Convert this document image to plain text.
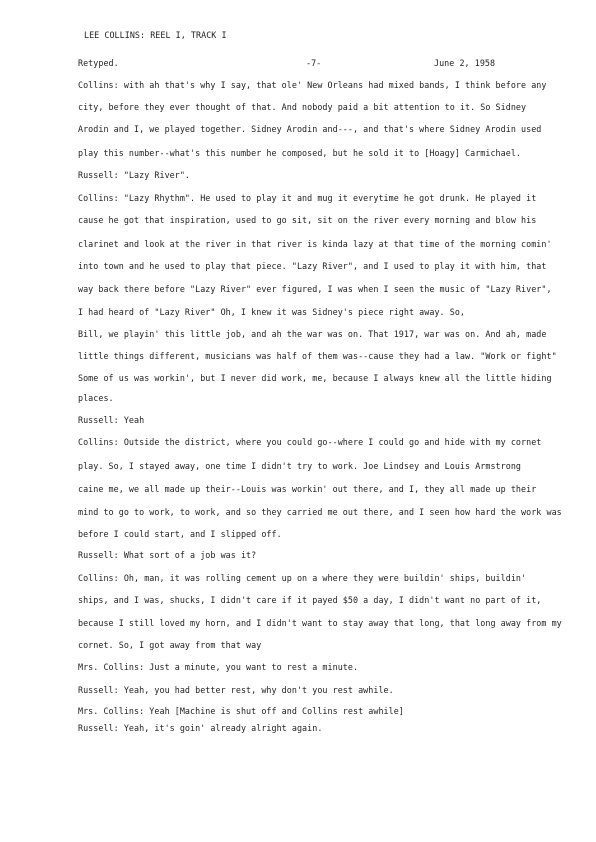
LEE COLLINS: REEL I, TRACK I
Retyped.	-7-	June 2, 1958
Collins: with ah that's why I say, that ole' New Orleans had mixed bands, I think before any
city, before they ever thought of that. And nobody paid a bit attention to it. So Sidney
Arodin and I, we played together. Sidney Arodin and---, and that's where Sidney Arodin used
play this number--what's this number he composed, but he sold it to [Hoagy] Carmichael.
Russell: "Lazy River".
Collins: "Lazy Rhythm". He used to play it and mug it everytime he got drunk. He played it
cause he got that inspiration, used to go sit, sit on the river every morning and blow his
clarinet and look at the river in that river is kinda lazy at that time of the morning comin'
into town and he used to play that piece. "Lazy River", and I used to play it with him, that
way back there before "Lazy River" ever figured, I was when I seen the music of "Lazy River",
I had heard of "Lazy River" Oh, I knew it was Sidney's piece right away. So,
Bill, we playin' this little job, and ah the war was on. That 1917, war was on. And ah, made
little things different, musicians was half of them was--cause they had a law. "Work or fight"
Some of us was workin', but I never did work, me, because I always knew all the little hiding
places.
Russell: Yeah
Collins: Outside the district, where you could go--where I could go and hide with my cornet
play. So, I stayed away, one time I didn't try to work. Joe Lindsey and Louis Armstrong
caine me, we all made up their--Louis was workin' out there, and I, they all made up their
mind to go to work, to work, and so they carried me out there, and I seen how hard the work was
before I could start, and I slipped off.
Russell: What sort of a job was it?
Collins: Oh, man, it was rolling cement up on a where they were buildin' ships, buildin'
ships, and I was, shucks, I didn't care if it payed $50 a day, I didn't want no part of it,
because I still loved my horn, and I didn't want to stay away that long, that long away from my
cornet. So, I got away from that way
Mrs. Collins: Just a minute, you want to rest a minute.
Russell: Yeah, you had better rest, why don't you rest awhile.
Mrs. Collins: Yeah [Machine is shut off and Collins rest awhile]
Russell: Yeah, it's goin' already alright again.
